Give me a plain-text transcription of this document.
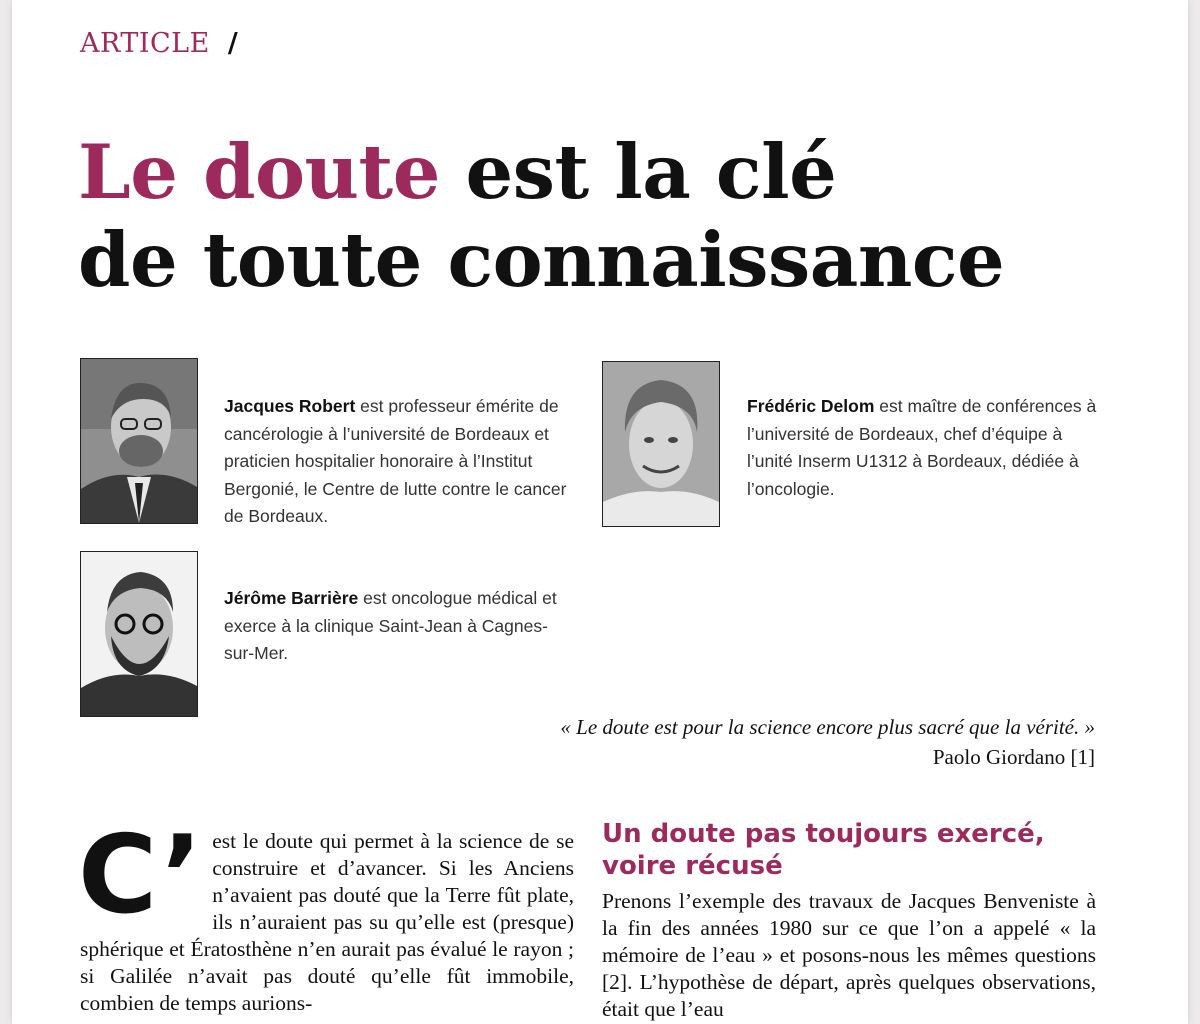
ARTICLE /
Le doute est la clé
de toute connaissance
Jacques Robert est professeur émérite de cancérologie à l’université de Bordeaux et praticien hospitalier honoraire à l’Institut Bergonié, le Centre de lutte contre le cancer de Bordeaux.
Frédéric Delom est maître de conférences à l’université de Bordeaux, chef d’équipe à l’unité Inserm U1312 à Bordeaux, dédiée à l’oncologie.
Jérôme Barrière est oncologue médical et exerce à la clinique Saint-Jean à Cagnes-sur-Mer.
« Le doute est pour la science encore plus sacré que la vérité. »
Paolo Giordano [1]
C’ est le doute qui permet à la science de se construire et d’avancer. Si les Anciens n’avaient pas douté que la Terre fût plate, ils n’auraient pas su qu’elle est (presque) sphérique et Ératosthène n’en aurait pas évalué le rayon ; si Galilée n’avait pas douté qu’elle fût immobile, combien de temps aurions-
Un doute pas toujours exercé, voire récusé
Prenons l’exemple des travaux de Jacques Benveniste à la fin des années 1980 sur ce que l’on a appelé « la mémoire de l’eau » et posons-nous les mêmes questions [2]. L’hypothèse de départ, après quelques observations, était que l’eau
